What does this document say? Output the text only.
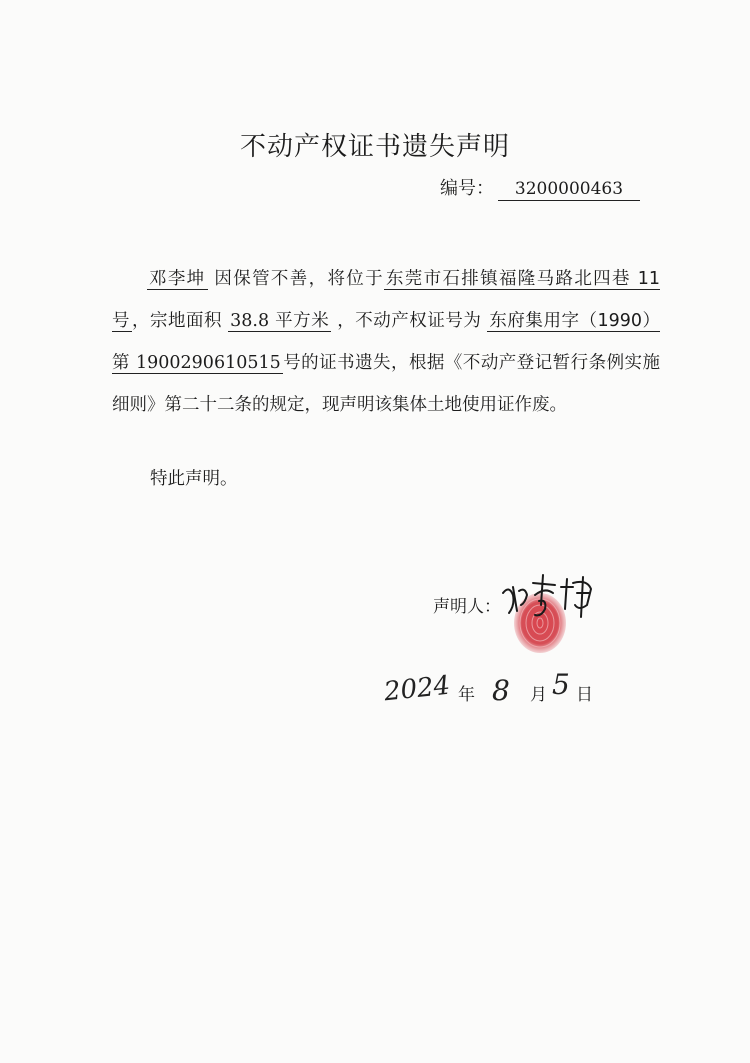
不动产权证书遗失声明
编号： 3200000463
邓李坤 因保管不善，将位于 东莞市石排镇福隆马路北四巷 11 号 ，宗地面积 38.8 平方米 ，不动产权证号为 东府集用字（1990）第 1900290610515 号的证书遗失，根据《不动产登记暂行条例实施细则》第二十二条的规定，现声明该集体土地使用证作废。
特此声明。
声明人：
2024 年 8 月 5 日
